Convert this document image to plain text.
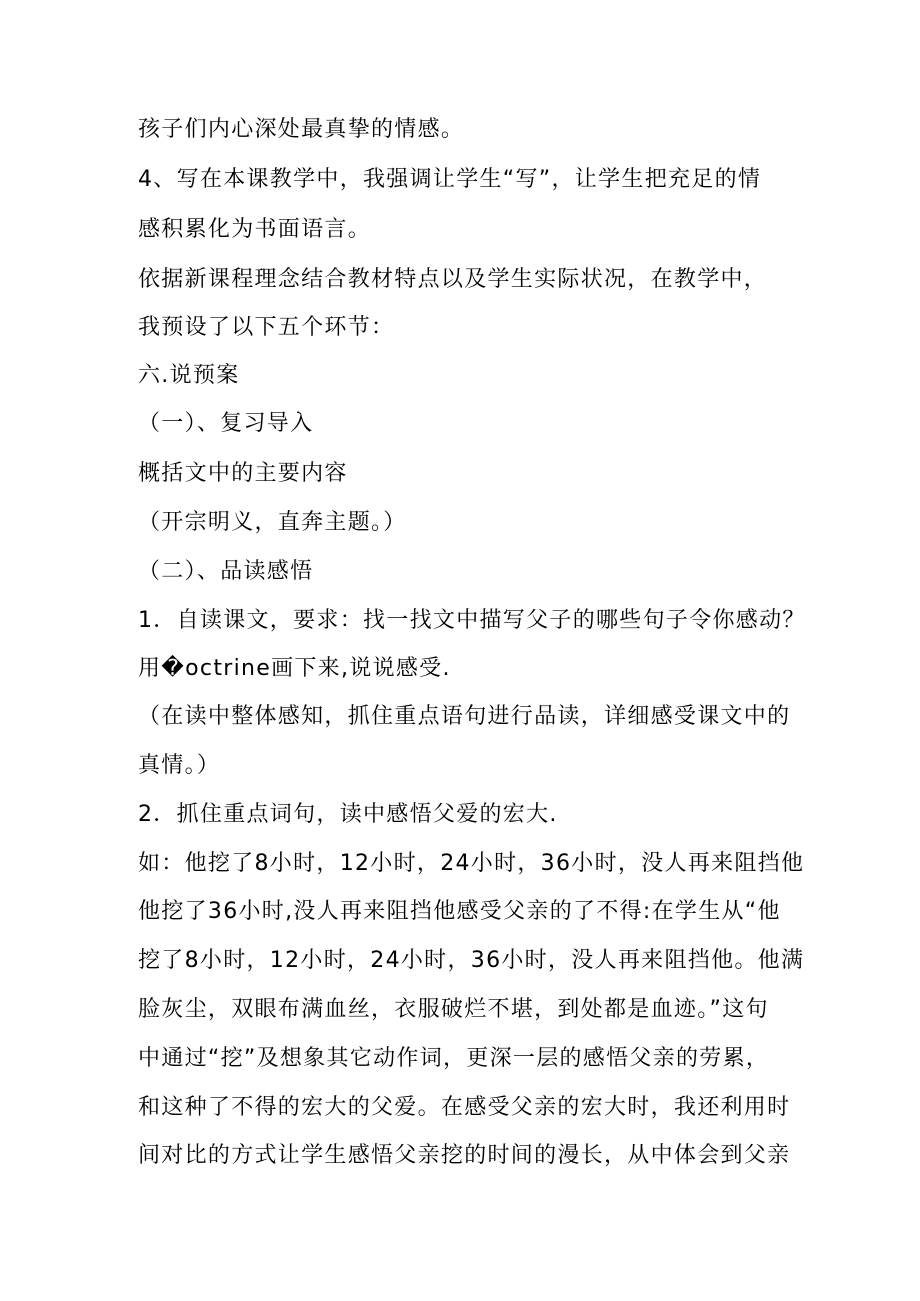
孩子们内心深处最真挚的情感。
4、写在本课教学中，我强调让学生“写”，让学生把充足的情
感积累化为书面语言。
依据新课程理念结合教材特点以及学生实际状况，在教学中，
我预设了以下五个环节：
六.说预案
（一）、复习导入
概括文中的主要内容
（开宗明义，直奔主题。）
（二）、品读感悟
1．自读课文，要求：找一找文中描写父子的哪些句子令你感动？
用�octrine画下来,说说感受.
（在读中整体感知，抓住重点语句进行品读，详细感受课文中的
真情。）
2．抓住重点词句，读中感悟父爱的宏大.
如：他挖了8小时，12小时，24小时，36小时，没人再来阻挡他
他挖了36小时,没人再来阻挡他感受父亲的了不得:在学生从“他
挖了8小时，12小时，24小时，36小时，没人再来阻挡他。他满
脸灰尘，双眼布满血丝，衣服破烂不堪，到处都是血迹。”这句
中通过“挖”及想象其它动作词，更深一层的感悟父亲的劳累，
和这种了不得的宏大的父爱。在感受父亲的宏大时，我还利用时
间对比的方式让学生感悟父亲挖的时间的漫长，从中体会到父亲
